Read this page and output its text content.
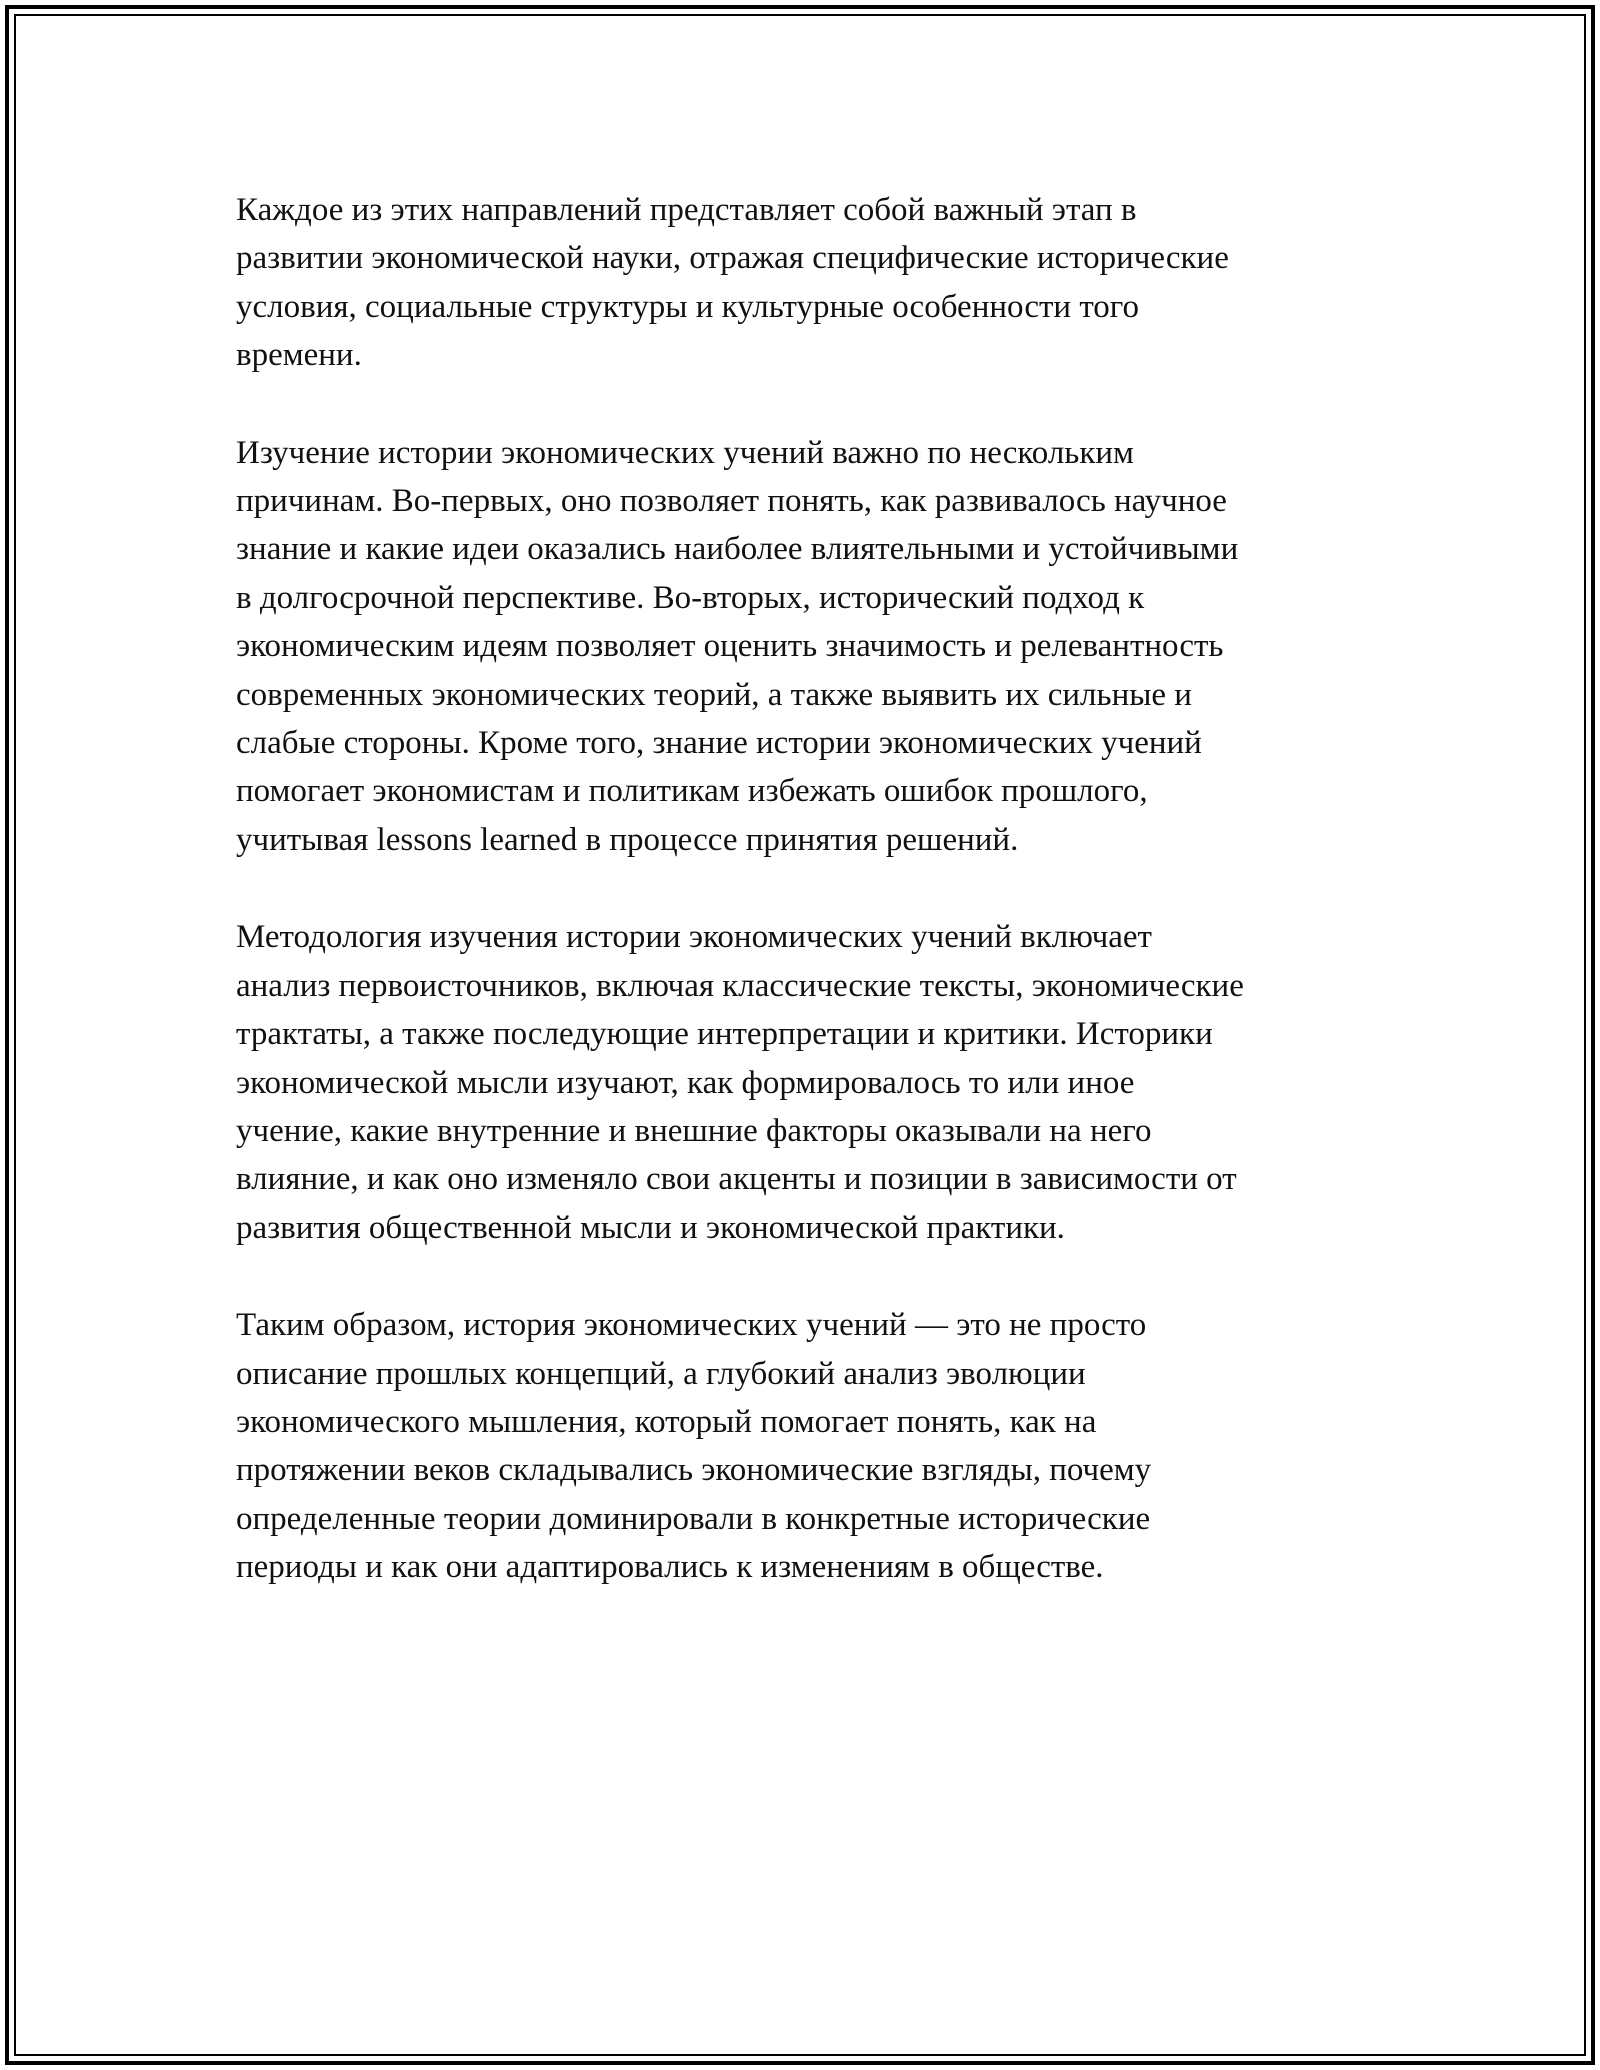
Каждое из этих направлений представляет собой важный этап в
развитии экономической науки, отражая специфические исторические
условия, социальные структуры и культурные особенности того
времени.

Изучение истории экономических учений важно по нескольким
причинам. Во-первых, оно позволяет понять, как развивалось научное
знание и какие идеи оказались наиболее влиятельными и устойчивыми
в долгосрочной перспективе. Во-вторых, исторический подход к
экономическим идеям позволяет оценить значимость и релевантность
современных экономических теорий, а также выявить их сильные и
слабые стороны. Кроме того, знание истории экономических учений
помогает экономистам и политикам избежать ошибок прошлого,
учитывая lessons learned в процессе принятия решений.

Методология изучения истории экономических учений включает
анализ первоисточников, включая классические тексты, экономические
трактаты, а также последующие интерпретации и критики. Историки
экономической мысли изучают, как формировалось то или иное
учение, какие внутренние и внешние факторы оказывали на него
влияние, и как оно изменяло свои акценты и позиции в зависимости от
развития общественной мысли и экономической практики.

Таким образом, история экономических учений — это не просто
описание прошлых концепций, а глубокий анализ эволюции
экономического мышления, который помогает понять, как на
протяжении веков складывались экономические взгляды, почему
определенные теории доминировали в конкретные исторические
периоды и как они адаптировались к изменениям в обществе.
